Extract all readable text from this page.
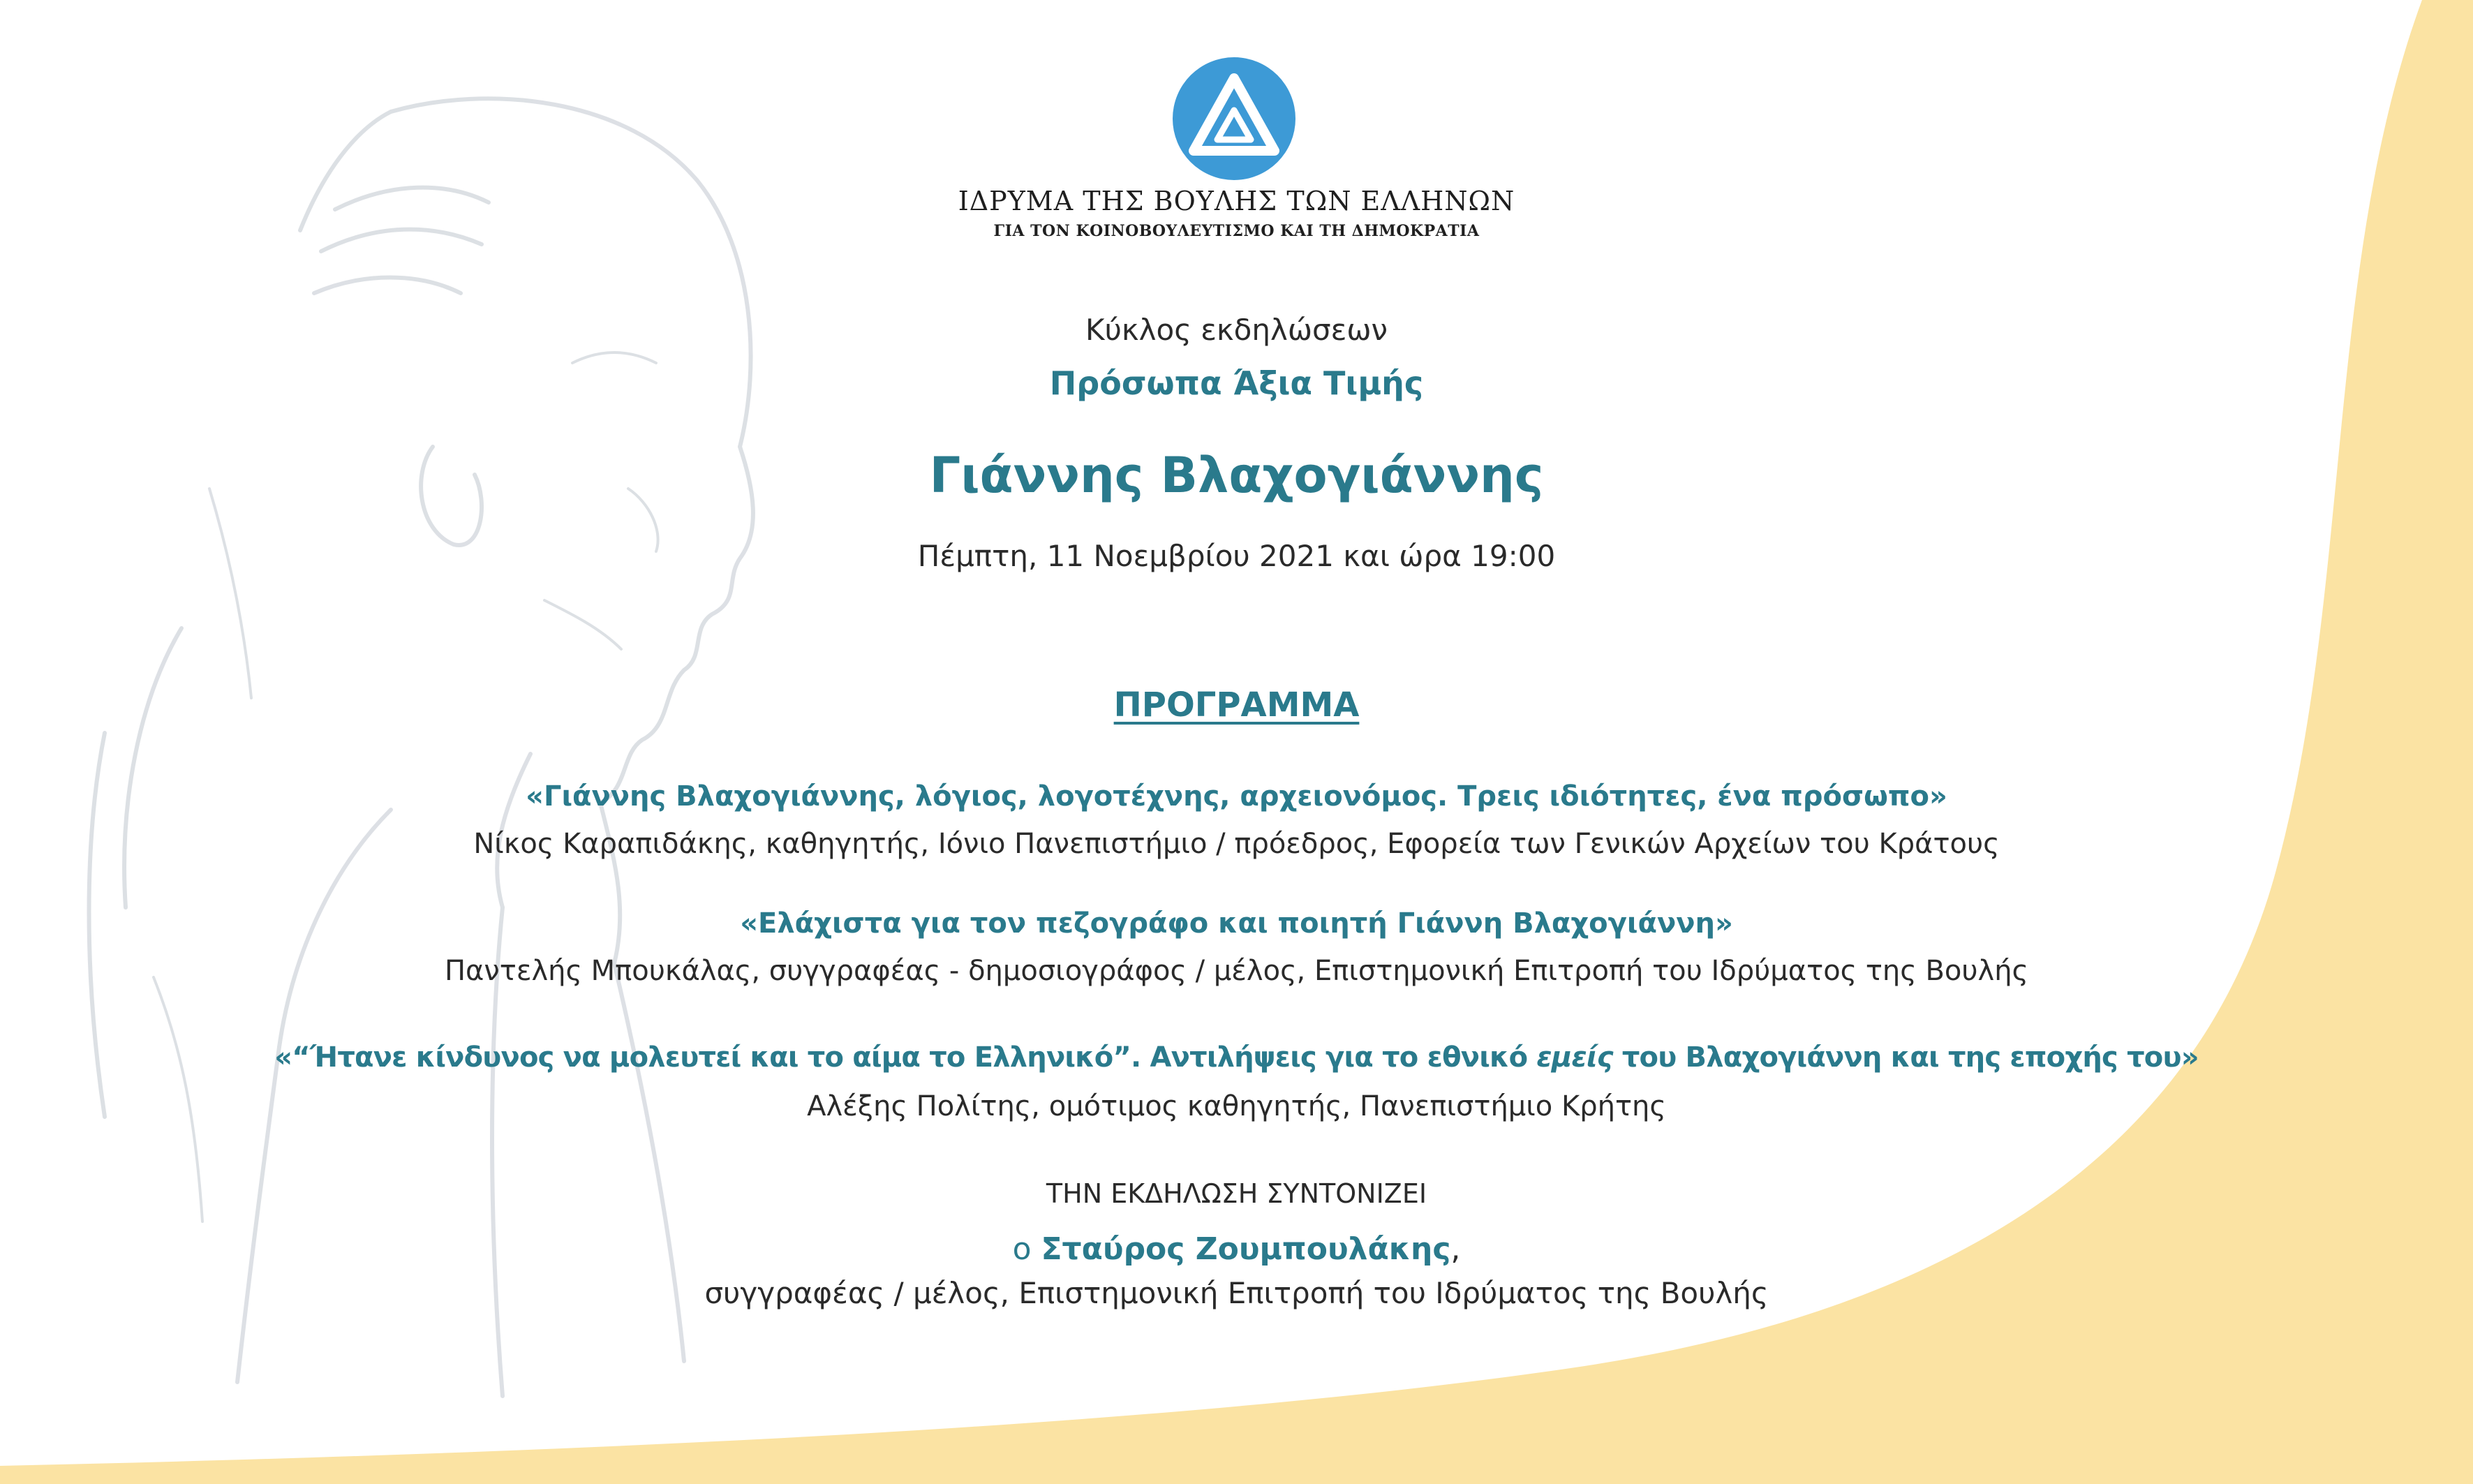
ΙΔΡΥΜΑ ΤΗΣ ΒΟΥΛΗΣ ΤΩΝ ΕΛΛΗΝΩΝ
ΓΙΑ ΤΟΝ ΚΟΙΝΟΒΟΥΛΕΥΤΙΣΜΟ ΚΑΙ ΤΗ ΔΗΜΟΚΡΑΤΙΑ
Κύκλος εκδηλώσεων
Πρόσωπα Άξια Τιμής
Γιάννης Βλαχογιάννης
Πέμπτη, 11 Νοεμβρίου 2021 και ώρα 19:00
ΠΡΟΓΡΑΜΜΑ
«Γιάννης Βλαχογιάννης, λόγιος, λογοτέχνης, αρχειονόμος. Τρεις ιδιότητες, ένα πρόσωπο»
Νίκος Καραπιδάκης, καθηγητής, Ιόνιο Πανεπιστήμιο / πρόεδρος, Εφορεία των Γενικών Αρχείων του Κράτους
«Ελάχιστα για τον πεζογράφο και ποιητή Γιάννη Βλαχογιάννη»
Παντελής Μπουκάλας, συγγραφέας - δημοσιογράφος / μέλος, Επιστημονική Επιτροπή του Ιδρύματος της Βουλής
«“Ήτανε κίνδυνος να μολευτεί και το αίμα το Ελληνικό”. Αντιλήψεις για το εθνικό εμείς του Βλαχογιάννη και της εποχής του»
Αλέξης Πολίτης, ομότιμος καθηγητής, Πανεπιστήμιο Κρήτης
ΤΗΝ ΕΚΔΗΛΩΣΗ ΣΥΝΤΟΝΙΖΕΙ
ο Σταύρος Ζουμπουλάκης,
συγγραφέας / μέλος, Επιστημονική Επιτροπή του Ιδρύματος της Βουλής
